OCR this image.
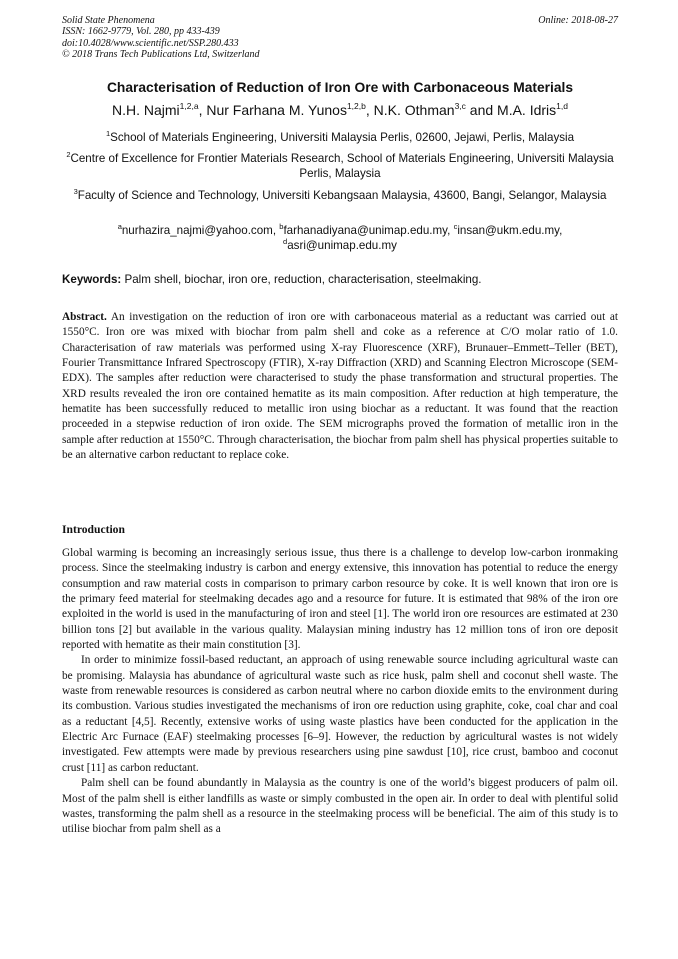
Solid State Phenomena
ISSN: 1662-9779, Vol. 280, pp 433-439
doi:10.4028/www.scientific.net/SSP.280.433
© 2018 Trans Tech Publications Ltd, Switzerland
Online: 2018-08-27
Characterisation of Reduction of Iron Ore with Carbonaceous Materials
N.H. Najmi$^{1,2,a}$, Nur Farhana M. Yunos$^{1,2,b}$, N.K. Othman$^{3,c}$ and M.A. Idris$^{1,d}$
$^1$School of Materials Engineering, Universiti Malaysia Perlis, 02600, Jejawi, Perlis, Malaysia
$^2$Centre of Excellence for Frontier Materials Research, School of Materials Engineering, Universiti Malaysia Perlis, Malaysia
$^3$Faculty of Science and Technology, Universiti Kebangsaan Malaysia, 43600, Bangi, Selangor, Malaysia
$^a$nurhazira_najmi@yahoo.com, $^b$farhanadiyana@unimap.edu.my, $^c$insan@ukm.edu.my,
$^d$asri@unimap.edu.my
Keywords: Palm shell, biochar, iron ore, reduction, characterisation, steelmaking.
Abstract. An investigation on the reduction of iron ore with carbonaceous material as a reductant was carried out at 1550°C. Iron ore was mixed with biochar from palm shell and coke as a reference at C/O molar ratio of 1.0. Characterisation of raw materials was performed using X-ray Fluorescence (XRF), Brunauer–Emmett–Teller (BET), Fourier Transmittance Infrared Spectroscopy (FTIR), X-ray Diffraction (XRD) and Scanning Electron Microscope (SEM-EDX). The samples after reduction were characterised to study the phase transformation and structural properties. The XRD results revealed the iron ore contained hematite as its main composition. After reduction at high temperature, the hematite has been successfully reduced to metallic iron using biochar as a reductant. It was found that the reaction proceeded in a stepwise reduction of iron oxide. The SEM micrographs proved the formation of metallic iron in the sample after reduction at 1550°C. Through characterisation, the biochar from palm shell has physical properties suitable to be an alternative carbon reductant to replace coke.
Introduction

Global warming is becoming an increasingly serious issue, thus there is a challenge to develop low-carbon ironmaking process. Since the steelmaking industry is carbon and energy extensive, this innovation has potential to reduce the energy consumption and raw material costs in comparison to primary carbon resource by coke. It is well known that iron ore is the primary feed material for steelmaking decades ago and a resource for future. It is estimated that 98% of the iron ore exploited in the world is used in the manufacturing of iron and steel [1]. The world iron ore resources are estimated at 230 billion tons [2] but available in the various quality. Malaysian mining industry has 12 million tons of iron ore deposit reported with hematite as their main constitution [3].

In order to minimize fossil-based reductant, an approach of using renewable source including agricultural waste can be promising. Malaysia has abundance of agricultural waste such as rice husk, palm shell and coconut shell waste. The waste from renewable resources is considered as carbon neutral where no carbon dioxide emits to the environment during its combustion. Various studies investigated the mechanisms of iron ore reduction using graphite, coke, coal char and coal as a reductant [4,5]. Recently, extensive works of using waste plastics have been conducted for the application in the Electric Arc Furnace (EAF) steelmaking processes [6–9]. However, the reduction by agricultural wastes is not widely investigated. Few attempts were made by previous researchers using pine sawdust [10], rice crust, bamboo and coconut crust [11] as carbon reductant.

Palm shell can be found abundantly in Malaysia as the country is one of the world’s biggest producers of palm oil. Most of the palm shell is either landfills as waste or simply combusted in the open air. In order to deal with plentiful solid wastes, transforming the palm shell as a resource in the steelmaking process will be beneficial. The aim of this study is to utilise biochar from palm shell as a
